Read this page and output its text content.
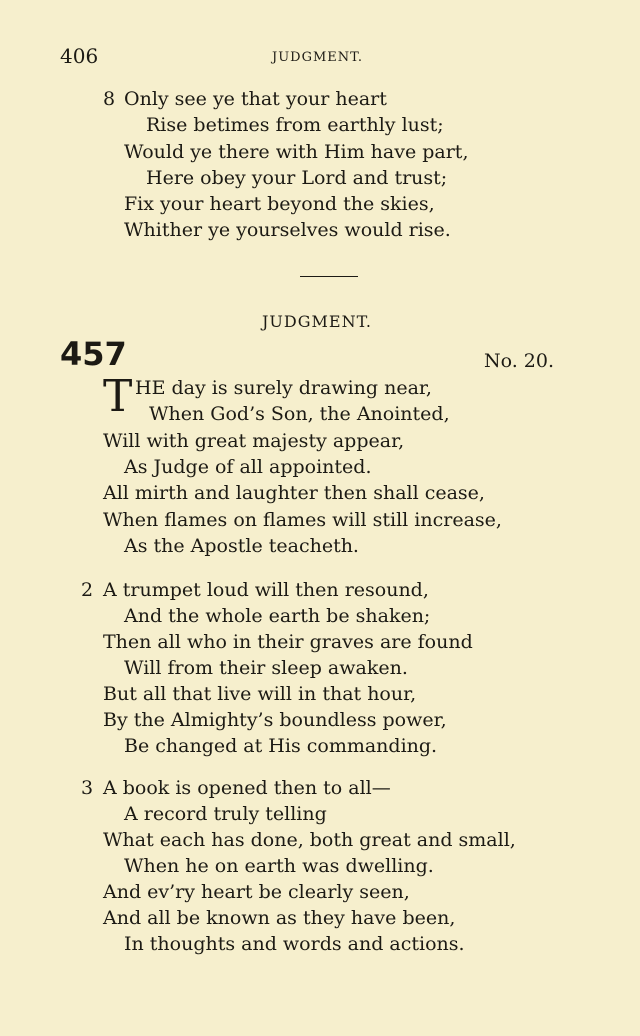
406	JUDGMENT.
8 Only see ye that your heart
Rise betimes from earthly lust;
Would ye there with Him have part,
Here obey your Lord and trust;
Fix your heart beyond the skies,
Whither ye yourselves would rise.
JUDGMENT.
457	No. 20.
T HE day is surely drawing near,
When God’s Son, the Anointed,
Will with great majesty appear,
As Judge of all appointed.
All mirth and laughter then shall cease,
When flames on flames will still increase,
As the Apostle teacheth.
2 A trumpet loud will then resound,
And the whole earth be shaken;
Then all who in their graves are found
Will from their sleep awaken.
But all that live will in that hour,
By the Almighty’s boundless power,
Be changed at His commanding.
3 A book is opened then to all—
A record truly telling
What each has done, both great and small,
When he on earth was dwelling.
And ev’ry heart be clearly seen,
And all be known as they have been,
In thoughts and words and actions.
